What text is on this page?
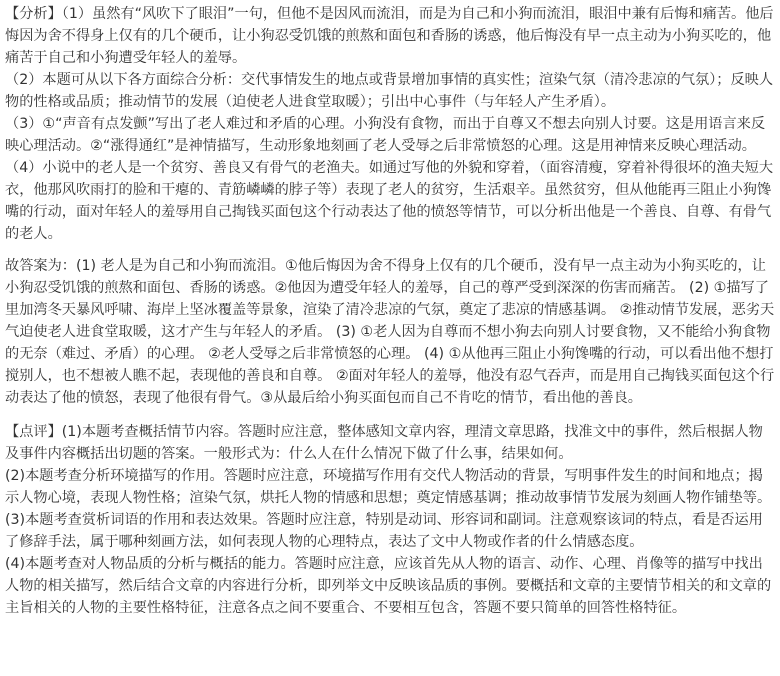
【分析】（1）虽然有“风吹下了眼泪”一句，但他不是因风而流泪，而是为自己和小狗而流泪，眼泪中兼有后悔和痛苦。他后悔因为舍不得身上仅有的几个硬币，让小狗忍受饥饿的煎熬和面包和香肠的诱惑，他后悔没有早一点主动为小狗买吃的，他痛苦于自己和小狗遭受年轻人的羞辱。

（2）本题可从以下各方面综合分析：交代事情发生的地点或背景增加事情的真实性；渲染气氛（清冷悲凉的气氛）；反映人物的性格或品质；推动情节的发展（迫使老人进食堂取暖）；引出中心事件（与年轻人产生矛盾）。

（3）①“声音有点发颤”写出了老人难过和矛盾的心理。小狗没有食物，而出于自尊又不想去向别人讨要。这是用语言来反映心理活动。②“涨得通红”是神情描写，生动形象地刻画了老人受辱之后非常愤怒的心理。这是用神情来反映心理活动。

（4）小说中的老人是一个贫穷、善良又有骨气的老渔夫。如通过写他的外貌和穿着，（面容清瘦，穿着补得很坏的渔夫短大衣，他那风吹雨打的脸和干瘪的、青筋嶙嶙的脖子等）表现了老人的贫穷，生活艰辛。虽然贫穷，但从他能再三阻止小狗馋嘴的行动，面对年轻人的羞辱用自己掏钱买面包这个行动表达了他的愤怒等情节，可以分析出他是一个善良、自尊、有骨气的老人。

故答案为：(1) 老人是为自己和小狗而流泪。①他后悔因为舍不得身上仅有的几个硬币，没有早一点主动为小狗买吃的，让小狗忍受饥饿的煎熬和面包、香肠的诱惑。②他因为遭受年轻人的羞辱，自己的尊严受到深深的伤害而痛苦。 (2) ①描写了里加湾冬天暴风呼啸、海岸上坚冰覆盖等景象，渲染了清冷悲凉的气氛，奠定了悲凉的情感基调。 ②推动情节发展，恶劣天气迫使老人进食堂取暖，这才产生与年轻人的矛盾。 (3) ①老人因为自尊而不想小狗去向别人讨要食物，又不能给小狗食物的无奈（难过、矛盾）的心理。 ②老人受辱之后非常愤怒的心理。 (4) ①从他再三阻止小狗馋嘴的行动，可以看出他不想打搅别人，也不想被人瞧不起，表现他的善良和自尊。 ②面对年轻人的羞辱，他没有忍气吞声，而是用自己掏钱买面包这个行动表达了他的愤怒，表现了他很有骨气。③从最后给小狗买面包而自己不肯吃的情节，看出他的善良。

【点评】(1)本题考查概括情节内容。答题时应注意，整体感知文章内容，理清文章思路，找准文中的事件，然后根据人物及事件内容概括出切题的答案。一般形式为：什么人在什么情况下做了什么事，结果如何。

(2)本题考查分析环境描写的作用。答题时应注意，环境描写作用有交代人物活动的背景，写明事件发生的时间和地点；揭示人物心境，表现人物性格；渲染气氛，烘托人物的情感和思想；奠定情感基调；推动故事情节发展为刻画人物作铺垫等。

(3)本题考查赏析词语的作用和表达效果。答题时应注意，特别是动词、形容词和副词。注意观察该词的特点，看是否运用了修辞手法，属于哪种刻画方法，如何表现人物的心理特点，表达了文中人物或作者的什么情感态度。

(4)本题考查对人物品质的分析与概括的能力。答题时应注意，应该首先从人物的语言、动作、心理、肖像等的描写中找出人物的相关描写，然后结合文章的内容进行分析，即列举文中反映该品质的事例。要概括和文章的主要情节相关的和文章的主旨相关的人物的主要性格特征，注意各点之间不要重合、不要相互包含，答题不要只简单的回答性格特征。
